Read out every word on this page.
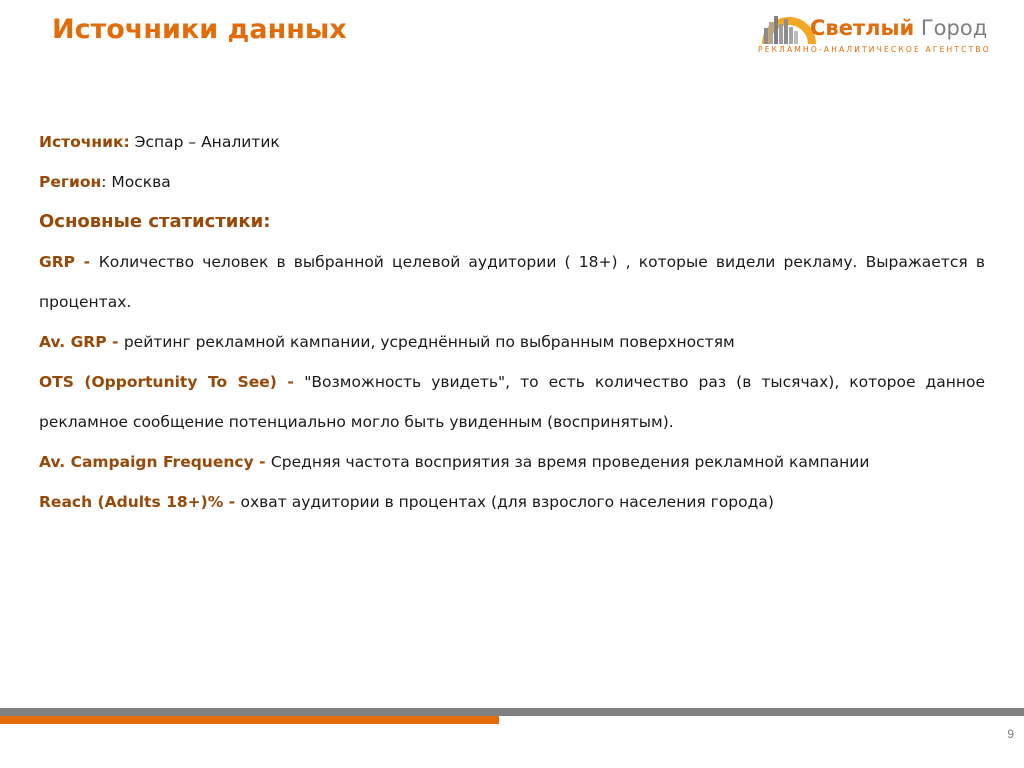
Источники данных	Светлый Город
РЕКЛАМНО-АНАЛИТИЧЕСКОЕ АГЕНТСТВО

Источник: Эспар – Аналитик

Регион: Москва

Основные статистики:

GRP - Количество человек в выбранной целевой аудитории ( 18+) , которые видели рекламу. Выражается в процентах.

Av. GRP - рейтинг рекламной кампании, усреднённый по выбранным поверхностям

OTS (Opportunity To See) - "Возможность увидеть", то есть количество раз (в тысячах), которое данное рекламное сообщение потенциально могло быть увиденным (воспринятым).

Av. Campaign Frequency - Средняя частота восприятия за время проведения рекламной кампании

Reach (Adults 18+)% - охват аудитории в процентах (для взрослого населения города)

9
